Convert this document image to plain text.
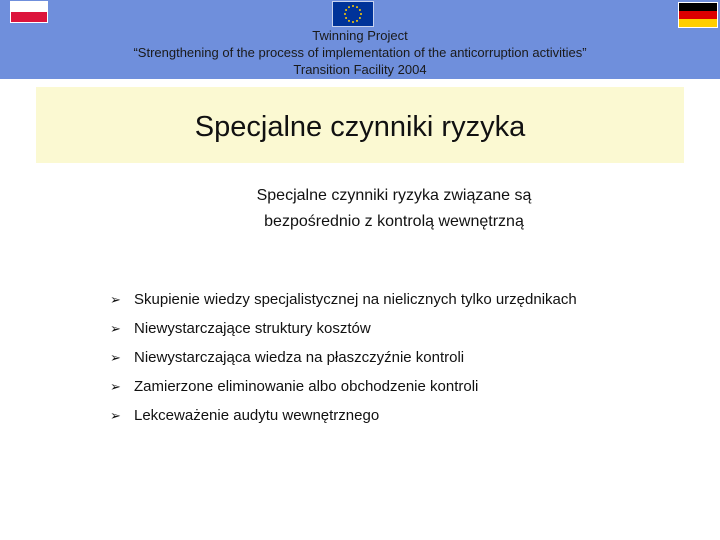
Twinning Project
“Strengthening of the process of implementation of the anticorruption activities”
Transition Facility 2004
Specjalne czynniki ryzyka
Specjalne czynniki ryzyka związane są
bezpośrednio z kontrolą wewnętrzną
➢ Skupienie wiedzy specjalistycznej na nielicznych tylko urzędnikach
➢ Niewystarczające struktury kosztów
➢ Niewystarczająca wiedza na płaszczyźnie kontroli
➢ Zamierzone eliminowanie albo obchodzenie kontroli
➢ Lekceważenie audytu wewnętrznego
